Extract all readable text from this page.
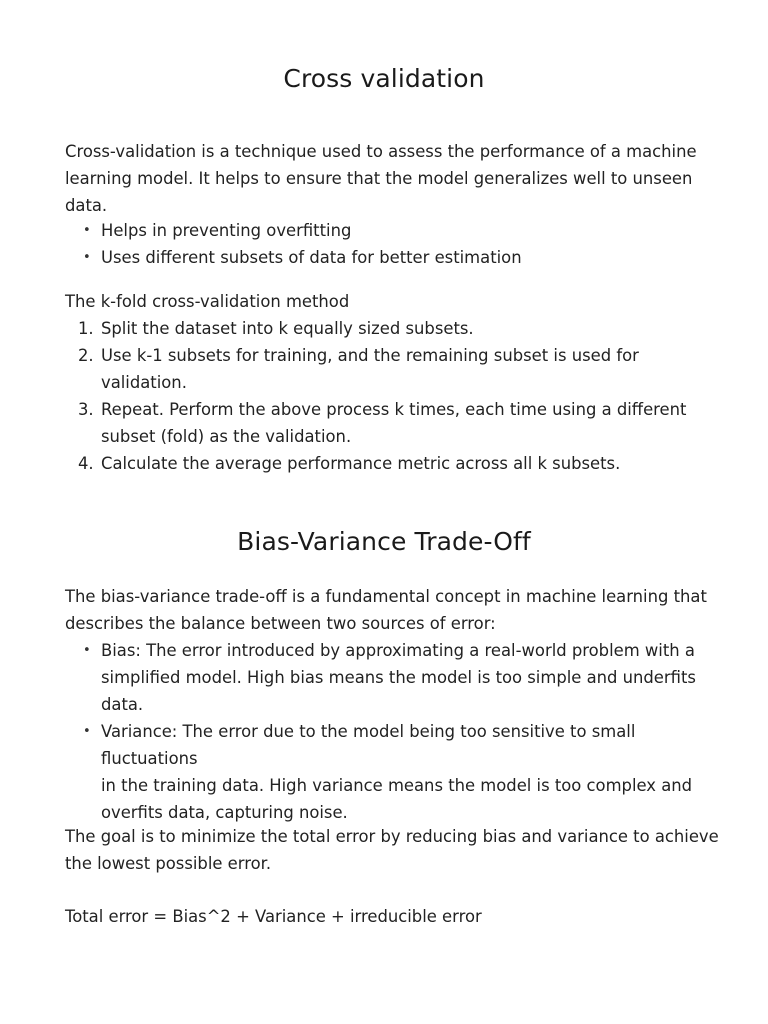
Cross validation

Cross-validation is a technique used to assess the performance of a machine
learning model. It helps to ensure that the model generalizes well to unseen data.

• Helps in preventing overfitting
• Uses different subsets of data for better estimation

The k-fold cross-validation method

1. Split the dataset into k equally sized subsets.
2. Use k-1 subsets for training, and the remaining subset is used for validation.
3. Repeat. Perform the above process k times, each time using a different
subset (fold) as the validation.
4. Calculate the average performance metric across all k subsets.
Bias-Variance Trade-Off

The bias-variance trade-off is a fundamental concept in machine learning that
describes the balance between two sources of error:

• Bias: The error introduced by approximating a real-world problem with a
simplified model. High bias means the model is too simple and underfits
data.
• Variance: The error due to the model being too sensitive to small fluctuations
in the training data. High variance means the model is too complex and
overfits data, capturing noise.

The goal is to minimize the total error by reducing bias and variance to achieve
the lowest possible error.

Total error = Bias^2 + Variance + irreducible error
